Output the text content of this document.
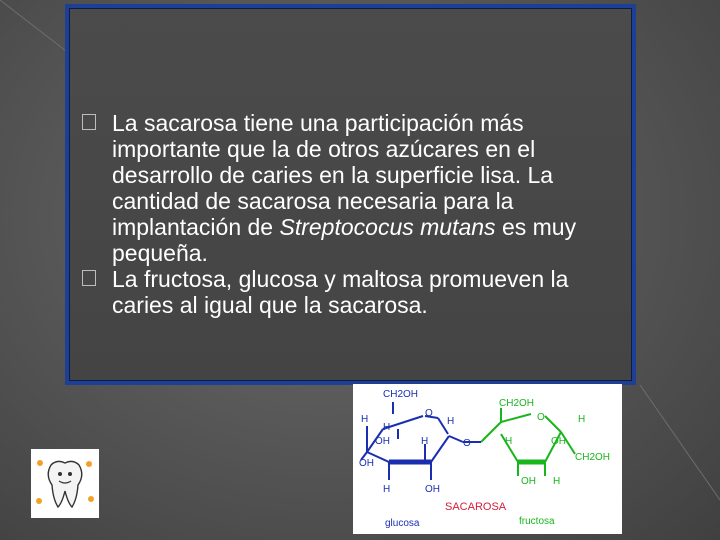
La sacarosa tiene una participación más importante que la de otros azúcares en el desarrollo de caries en la superficie lisa. La cantidad de sacarosa necesaria para la implantación de Streptococus mutans es muy pequeña.

La fructosa, glucosa y maltosa promueven la caries al igual que la sacarosa.

CH2OH
O
H
H
H
OH	H
OH
H	OH
O
CH2OH
O	H
H	OH
CH2OH
OH H
SACAROSA
glucosa	fructosa
